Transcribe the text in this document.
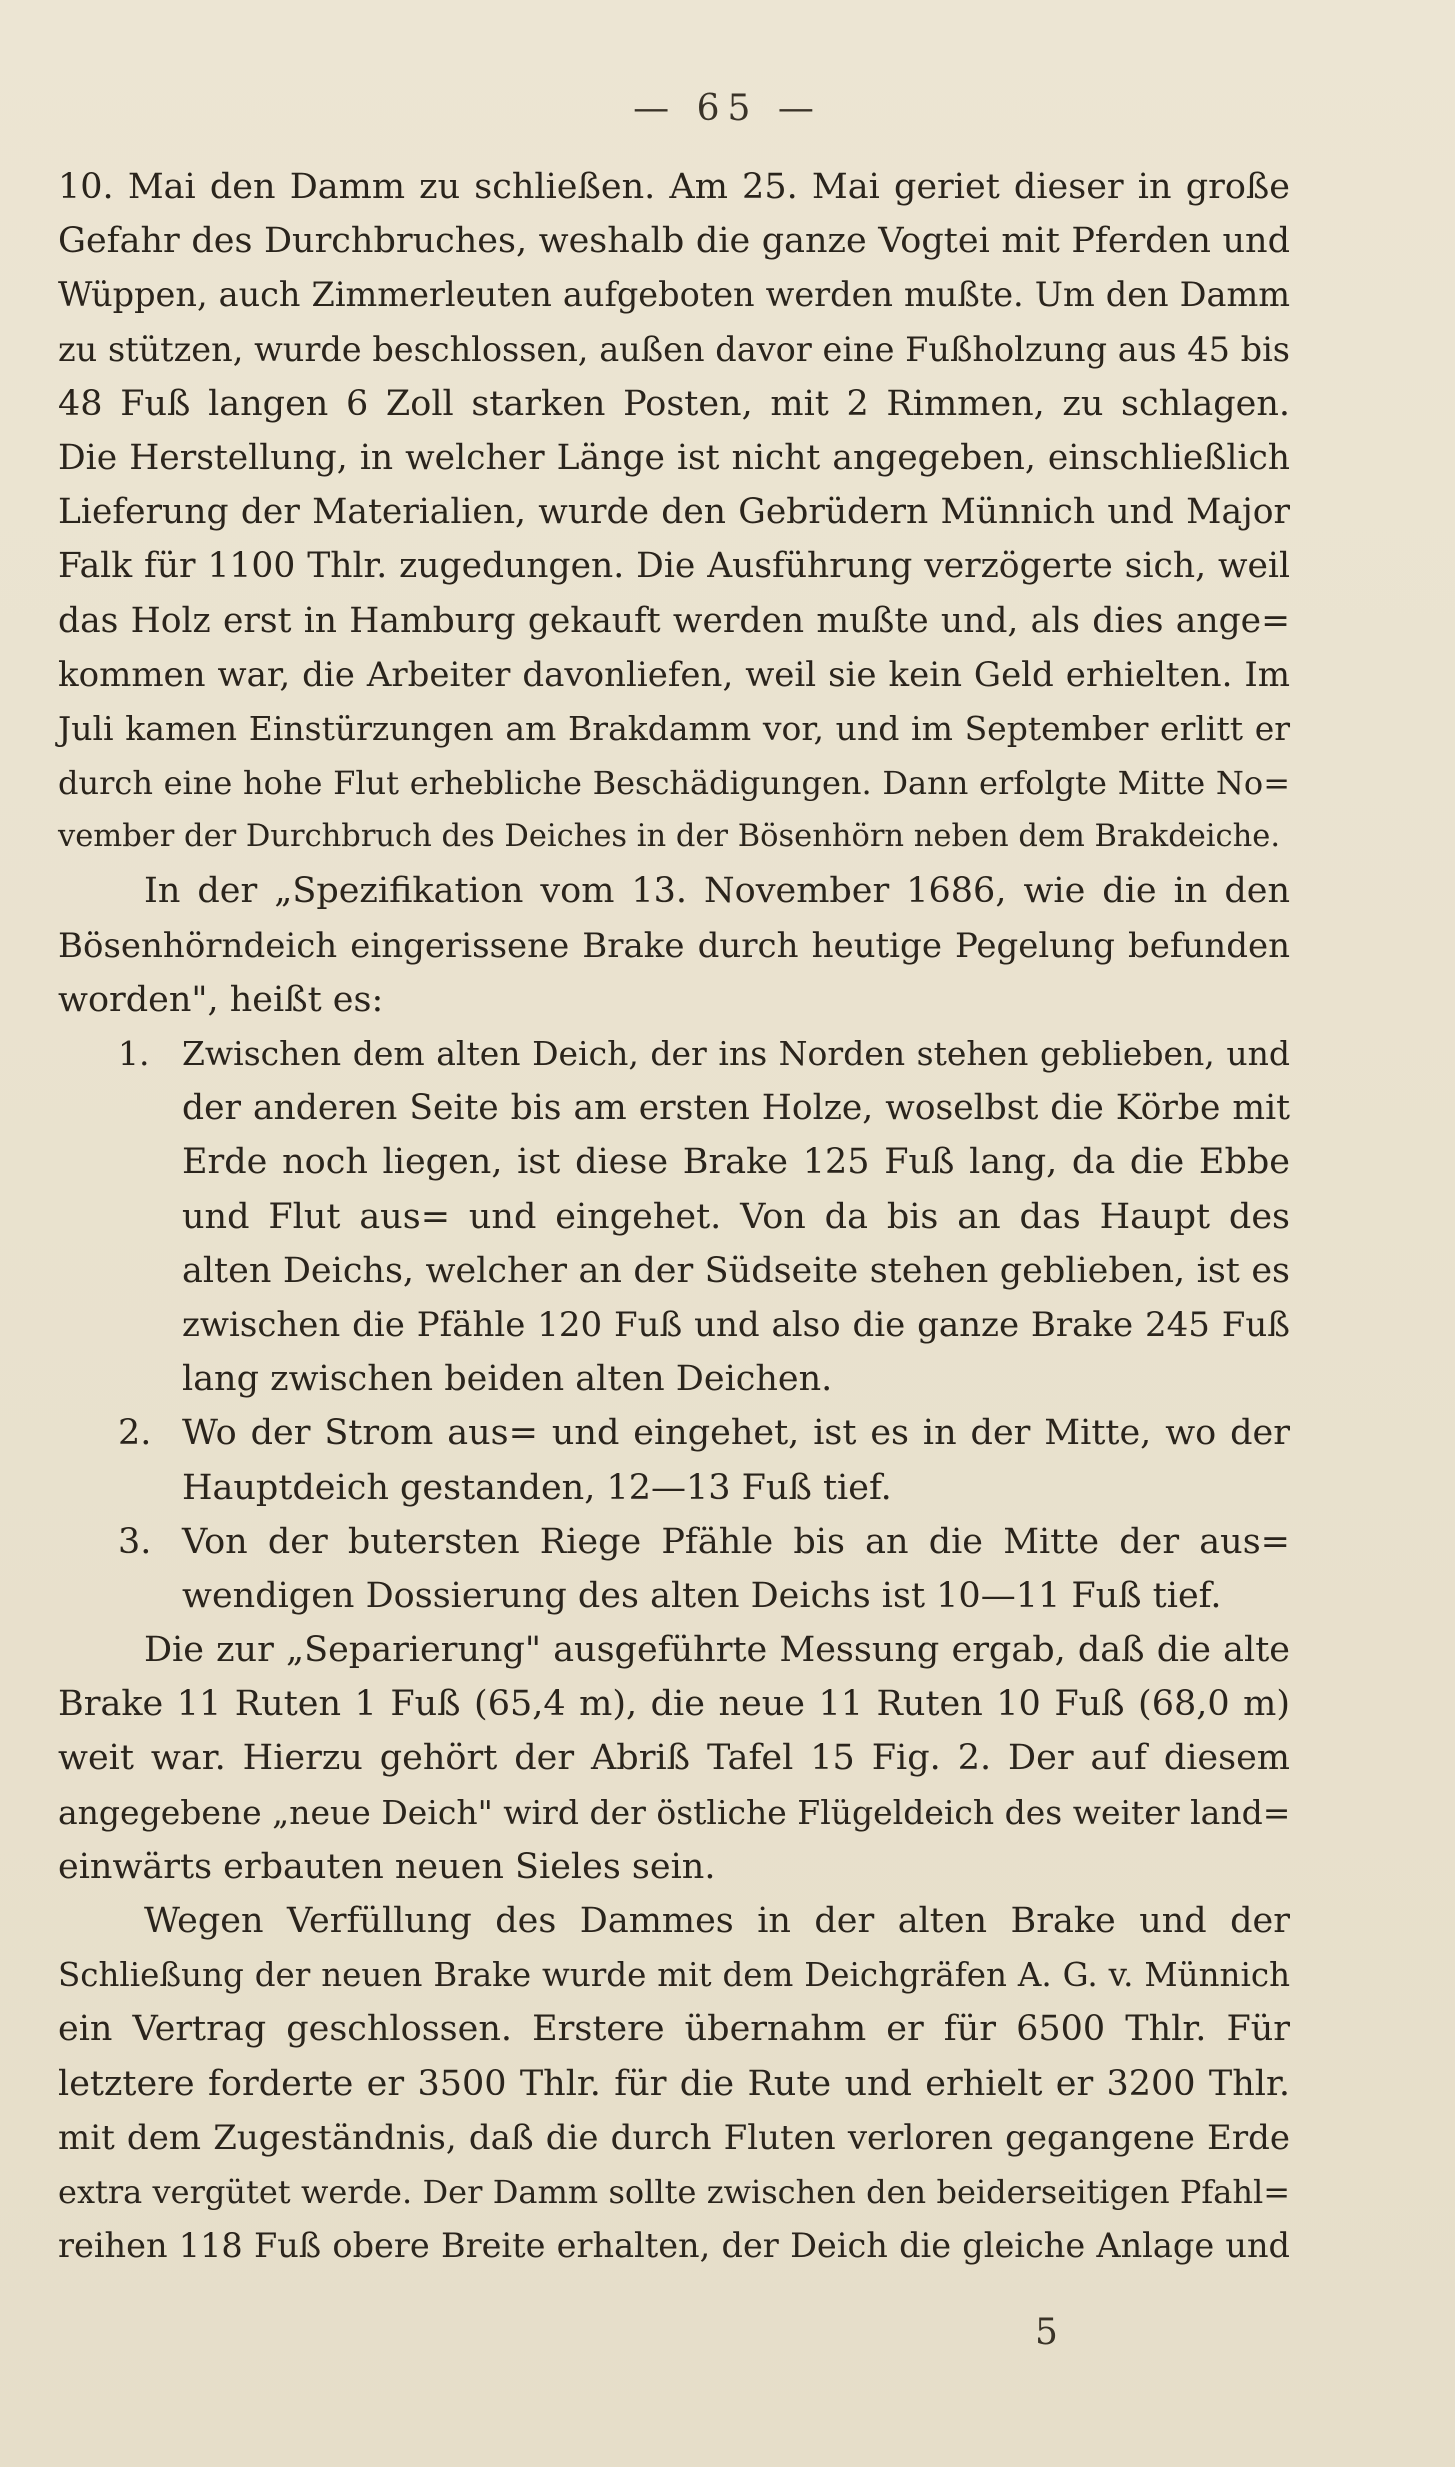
— 65 —
10. Mai den Damm zu schließen. Am 25. Mai geriet dieser in große
Gefahr des Durchbruches, weshalb die ganze Vogtei mit Pferden und
Wüppen, auch Zimmerleuten aufgeboten werden mußte. Um den Damm
zu stützen, wurde beschlossen, außen davor eine Fußholzung aus 45 bis
48 Fuß langen 6 Zoll starken Posten, mit 2 Rimmen, zu schlagen.
Die Herstellung, in welcher Länge ist nicht angegeben, einschließlich
Lieferung der Materialien, wurde den Gebrüdern Münnich und Major
Falk für 1100 Thlr. zugedungen. Die Ausführung verzögerte sich, weil
das Holz erst in Hamburg gekauft werden mußte und, als dies ange=
kommen war, die Arbeiter davonliefen, weil sie kein Geld erhielten. Im
Juli kamen Einstürzungen am Brakdamm vor, und im September erlitt er
durch eine hohe Flut erhebliche Beschädigungen. Dann erfolgte Mitte No=
vember der Durchbruch des Deiches in der Bösenhörn neben dem Brakdeiche.
In der „Spezifikation vom 13. November 1686, wie die in den
Bösenhörndeich eingerissene Brake durch heutige Pegelung befunden
worden", heißt es:
1. Zwischen dem alten Deich, der ins Norden stehen geblieben, und
der anderen Seite bis am ersten Holze, woselbst die Körbe mit
Erde noch liegen, ist diese Brake 125 Fuß lang, da die Ebbe
und Flut aus= und eingehet. Von da bis an das Haupt des
alten Deichs, welcher an der Südseite stehen geblieben, ist es
zwischen die Pfähle 120 Fuß und also die ganze Brake 245 Fuß
lang zwischen beiden alten Deichen.
2. Wo der Strom aus= und eingehet, ist es in der Mitte, wo der
Hauptdeich gestanden, 12—13 Fuß tief.
3. Von der butersten Riege Pfähle bis an die Mitte der aus=
wendigen Dossierung des alten Deichs ist 10—11 Fuß tief.
Die zur „Separierung" ausgeführte Messung ergab, daß die alte
Brake 11 Ruten 1 Fuß (65,4 m), die neue 11 Ruten 10 Fuß (68,0 m)
weit war. Hierzu gehört der Abriß Tafel 15 Fig. 2. Der auf diesem
angegebene „neue Deich" wird der östliche Flügeldeich des weiter land=
einwärts erbauten neuen Sieles sein.
Wegen Verfüllung des Dammes in der alten Brake und der
Schließung der neuen Brake wurde mit dem Deichgräfen A. G. v. Münnich
ein Vertrag geschlossen. Erstere übernahm er für 6500 Thlr. Für
letztere forderte er 3500 Thlr. für die Rute und erhielt er 3200 Thlr.
mit dem Zugeständnis, daß die durch Fluten verloren gegangene Erde
extra vergütet werde. Der Damm sollte zwischen den beiderseitigen Pfahl=
reihen 118 Fuß obere Breite erhalten, der Deich die gleiche Anlage und
5
